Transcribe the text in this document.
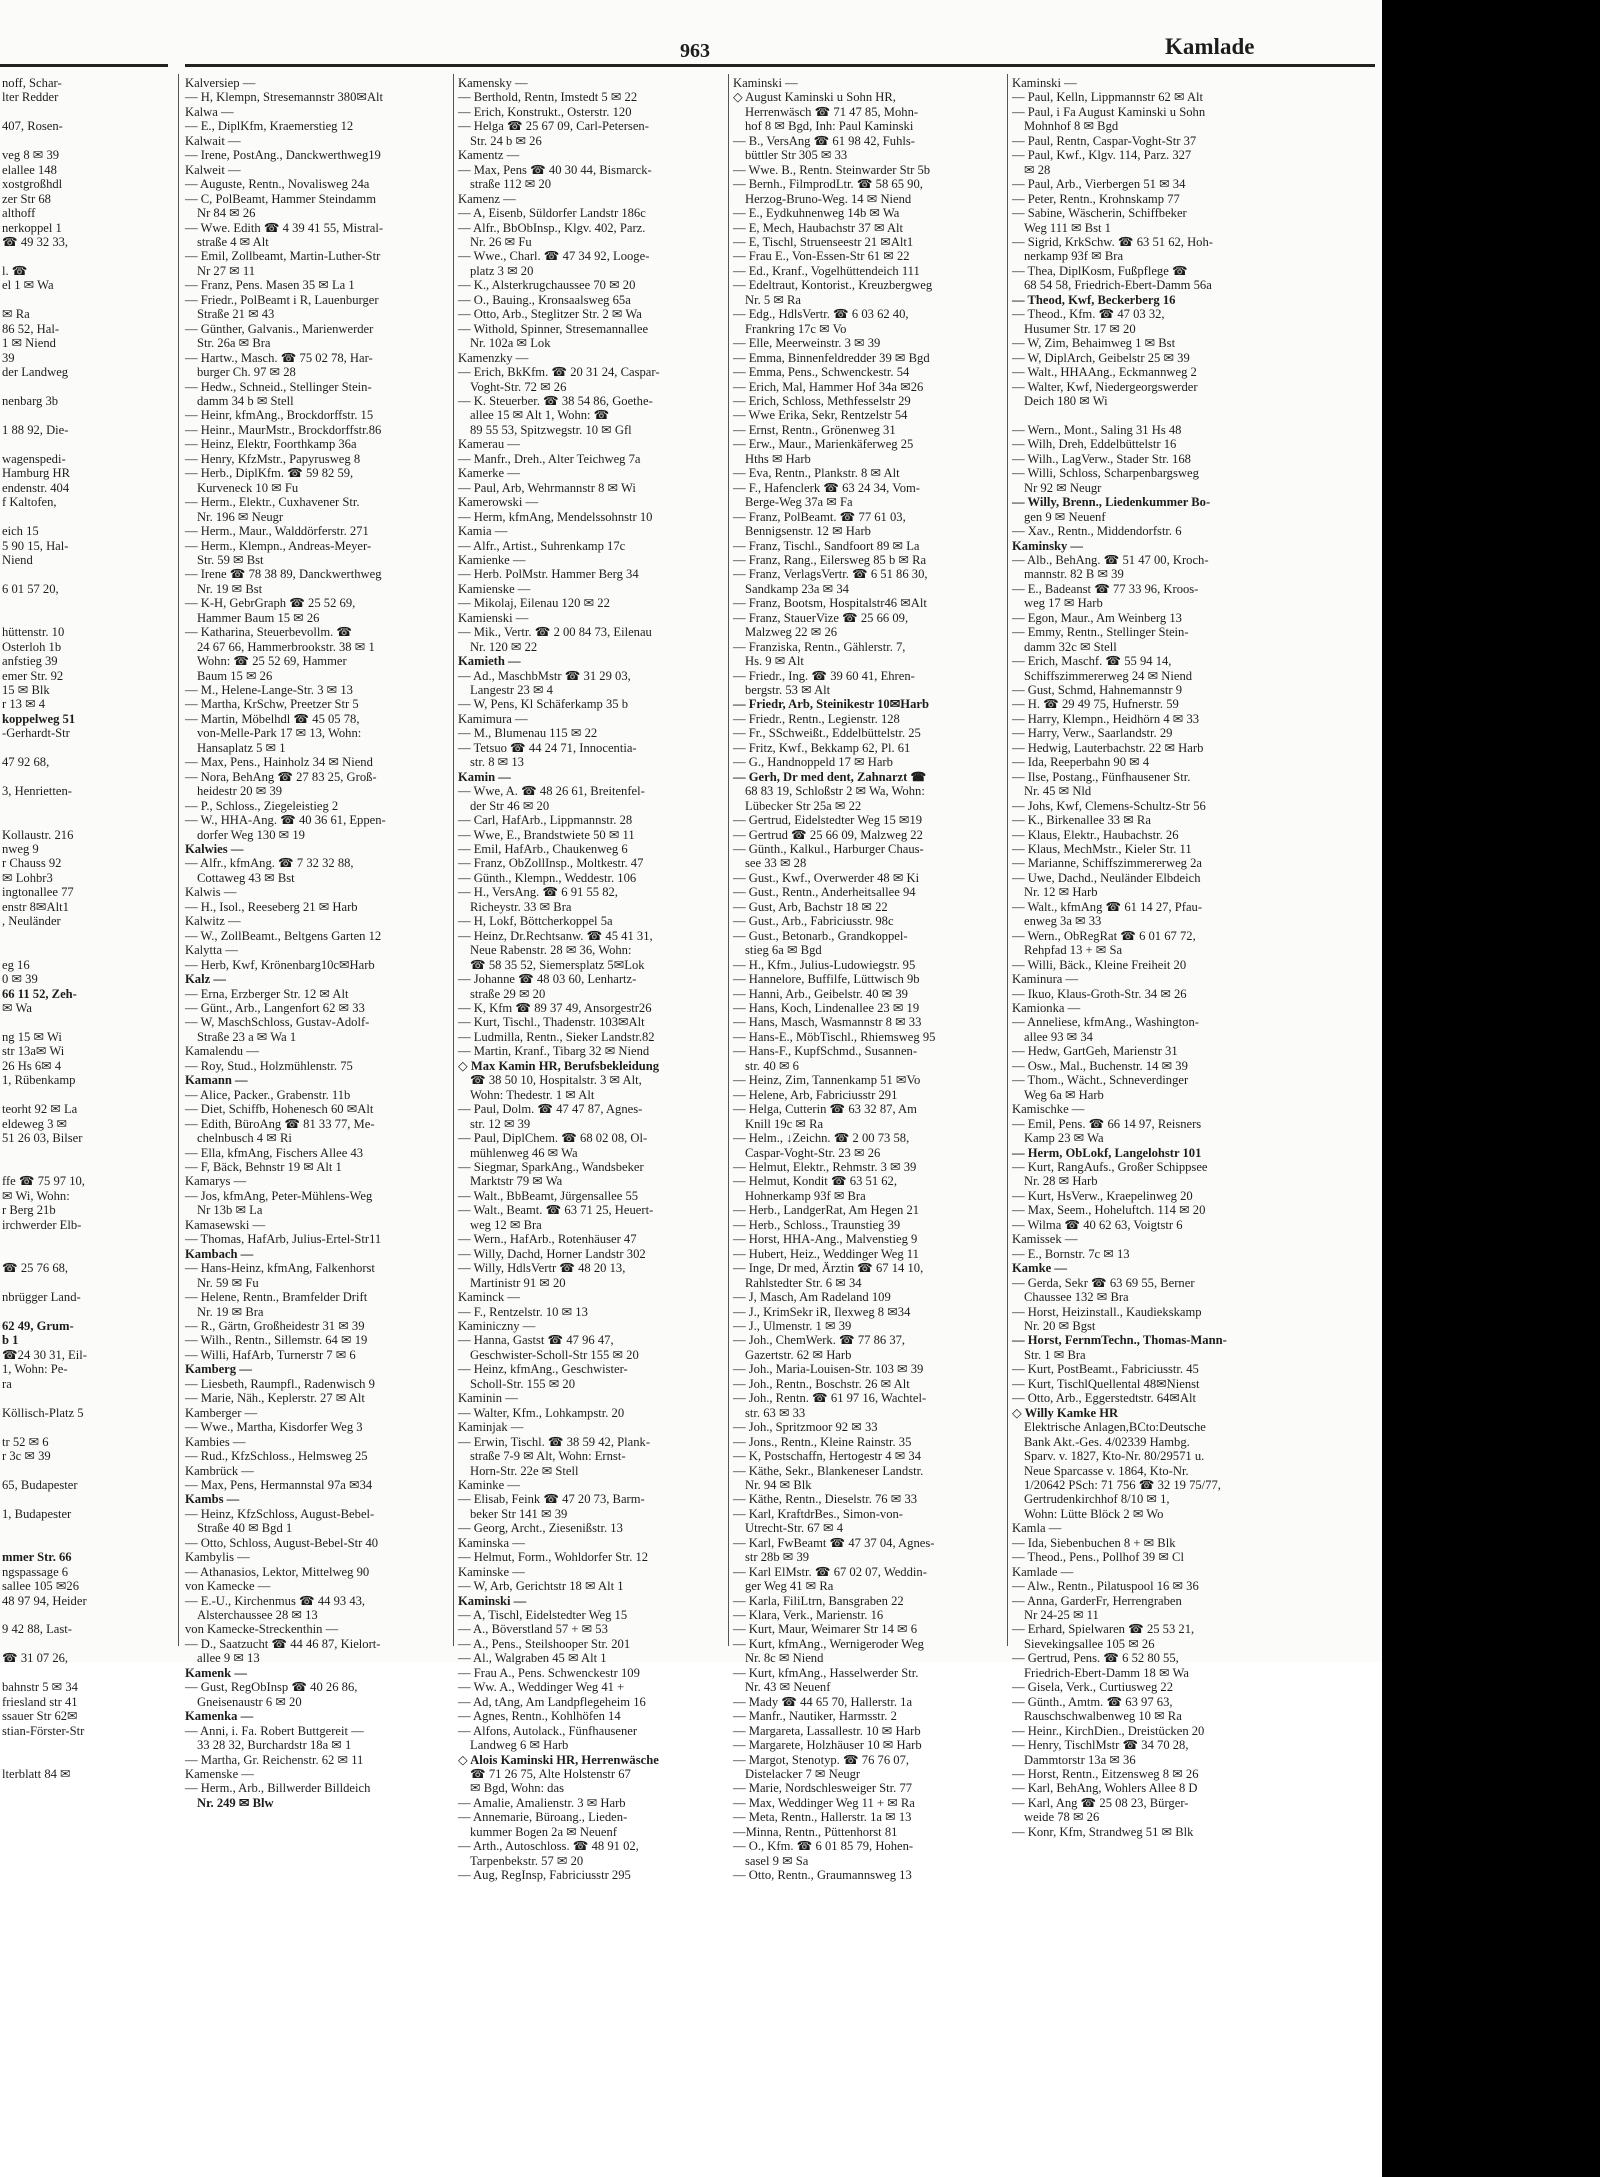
963	Kamlade
noff, Schar-
lter Redder

407, Rosen-

veg 8 ✉ 39
elallee 148
xostgroßhdl
zer Str 68
althoff
nerkoppel 1
☎ 49 32 33,

l. ☎
el 1 ✉ Wa

✉ Ra
86 52, Hal-
1 ✉ Niend
39
der Landweg

nenbarg 3b

1 88 92, Die-

wagenspedi-
Hamburg HR
endenstr. 404
f Kaltofen,

eich 15
5 90 15, Hal-
Niend

6 01 57 20,

hüttenstr. 10
Osterloh 1b
anfstieg 39
emer Str. 92
15 ✉ Blk
r 13 ✉ 4
koppelweg 51
-Gerhardt-Str

47 92 68,

3, Henrietten-

Kollaustr. 216
nweg 9
r Chauss 92
✉ Lohbr3
ingtonallee 77
enstr 8✉Alt1
, Neuländer

eg 16
0 ✉ 39
66 11 52, Zeh-
✉ Wa

ng 15 ✉ Wi
str 13a✉ Wi
26 Hs 6✉ 4
1, Rübenkamp

teorht 92 ✉ La
eldeweg 3 ✉
51 26 03, Bilser

ffe ☎ 75 97 10,
✉ Wi, Wohn:
r Berg 21b
irchwerder Elb-

☎ 25 76 68,

nbrügger Land-

62 49, Grum-
b 1
☎24 30 31, Eil-
1, Wohn: Pe-
ra

Köllisch-Platz 5

tr 52 ✉ 6
r 3c ✉ 39

65, Budapester

1, Budapester

mmer Str. 66
ngspassage 6
sallee 105 ✉26
48 97 94, Heider

9 42 88, Last-

☎ 31 07 26,

bahnstr 5 ✉ 34
friesland str 41
ssauer Str 62✉
stian-Förster-Str

lterblatt 84 ✉
Kalversiep —
— H, Klempn, Stresemannstr 380✉Alt
Kalwa —
— E., DiplKfm, Kraemerstieg 12
Kalwait —
— Irene, PostAng., Danckwerthweg19
Kalweit —
— Auguste, Rentn., Novalisweg 24a
— C, PolBeamt, Hammer Steindamm
Nr 84 ✉ 26
— Wwe. Edith ☎ 4 39 41 55, Mistral-
straße 4 ✉ Alt
— Emil, Zollbeamt, Martin-Luther-Str
Nr 27 ✉ 11
— Franz, Pens. Masen 35 ✉ La 1
— Friedr., PolBeamt i R, Lauenburger
Straße 21 ✉ 43
— Günther, Galvanis., Marienwerder
Str. 26a ✉ Bra
— Hartw., Masch. ☎ 75 02 78, Har-
burger Ch. 97 ✉ 28
— Hedw., Schneid., Stellinger Stein-
damm 34 b ✉ Stell
— Heinr, kfmAng., Brockdorffstr. 15
— Heinr., MaurMstr., Brockdorffstr.86
— Heinz, Elektr, Foorthkamp 36a
— Henry, KfzMstr., Papyrusweg 8
— Herb., DiplKfm. ☎ 59 82 59,
Kurveneck 10 ✉ Fu
— Herm., Elektr., Cuxhavener Str.
Nr. 196 ✉ Neugr
— Herm., Maur., Walddörferstr. 271
— Herm., Klempn., Andreas-Meyer-
Str. 59 ✉ Bst
— Irene ☎ 78 38 89, Danckwerthweg
Nr. 19 ✉ Bst
— K-H, GebrGraph ☎ 25 52 69,
Hammer Baum 15 ✉ 26
— Katharina, Steuerbevollm. ☎
24 67 66, Hammerbrookstr. 38 ✉ 1
Wohn: ☎ 25 52 69, Hammer
Baum 15 ✉ 26
— M., Helene-Lange-Str. 3 ✉ 13
— Martha, KrSchw, Preetzer Str 5
— Martin, Möbelhdl ☎ 45 05 78,
von-Melle-Park 17 ✉ 13, Wohn:
Hansaplatz 5 ✉ 1
— Max, Pens., Hainholz 34 ✉ Niend
— Nora, BehAng ☎ 27 83 25, Groß-
heidestr 20 ✉ 39
— P., Schloss., Ziegeleistieg 2
— W., HHA-Ang. ☎ 40 36 61, Eppen-
dorfer Weg 130 ✉ 19
Kalwies —
— Alfr., kfmAng. ☎ 7 32 32 88,
Cottaweg 43 ✉ Bst
Kalwis —
— H., Isol., Reeseberg 21 ✉ Harb
Kalwitz —
— W., ZollBeamt., Beltgens Garten 12
Kalytta —
— Herb, Kwf, Krönenbarg10c✉Harb
Kalz —
— Erna, Erzberger Str. 12 ✉ Alt
— Günt., Arb., Langenfort 62 ✉ 33
— W, MaschSchloss, Gustav-Adolf-
Straße 23 a ✉ Wa 1
Kamalendu —
— Roy, Stud., Holzmühlenstr. 75
Kamann —
— Alice, Packer., Grabenstr. 11b
— Diet, Schiffb, Hohenesch 60 ✉Alt
— Edith, BüroAng ☎ 81 33 77, Me-
chelnbusch 4 ✉ Ri
— Ella, kfmAng, Fischers Allee 43
— F, Bäck, Behnstr 19 ✉ Alt 1
Kamarys —
— Jos, kfmAng, Peter-Mühlens-Weg
Nr 13b ✉ La
Kamasewski —
— Thomas, HafArb, Julius-Ertel-Str11
Kambach —
— Hans-Heinz, kfmAng, Falkenhorst
Nr. 59 ✉ Fu
— Helene, Rentn., Bramfelder Drift
Nr. 19 ✉ Bra
— R., Gärtn, Großheidestr 31 ✉ 39
— Wilh., Rentn., Sillemstr. 64 ✉ 19
— Willi, HafArb, Turnerstr 7 ✉ 6
Kamberg —
— Liesbeth, Raumpfl., Radenwisch 9
— Marie, Näh., Keplerstr. 27 ✉ Alt
Kamberger —
— Wwe., Martha, Kisdorfer Weg 3
Kambies —
— Rud., KfzSchloss., Helmsweg 25
Kambrück —
— Max, Pens, Hermannstal 97a ✉34
Kambs —
— Heinz, KfzSchloss, August-Bebel-
Straße 40 ✉ Bgd 1
— Otto, Schloss, August-Bebel-Str 40
Kambylis —
— Athanasios, Lektor, Mittelweg 90
von Kamecke —
— E.-U., Kirchenmus ☎ 44 93 43,
Alsterchaussee 28 ✉ 13
von Kamecke-Streckenthin —
— D., Saatzucht ☎ 44 46 87, Kielort-
allee 9 ✉ 13
Kamenk —
— Gust, RegObInsp ☎ 40 26 86,
Gneisenaustr 6 ✉ 20
Kamenka —
— Anni, i. Fa. Robert Buttgereit —
33 28 32, Burchardstr 18a ✉ 1
— Martha, Gr. Reichenstr. 62 ✉ 11
Kamenske —
— Herm., Arb., Billwerder Billdeich
Nr. 249 ✉ Blw
Kamensky —
— Berthold, Rentn, Imstedt 5 ✉ 22
— Erich, Konstrukt., Osterstr. 120
— Helga ☎ 25 67 09, Carl-Petersen-
Str. 24 b ✉ 26
Kamentz —
— Max, Pens ☎ 40 30 44, Bismarck-
straße 112 ✉ 20
Kamenz —
— A, Eisenb, Süldorfer Landstr 186c
— Alfr., BbObInsp., Klgv. 402, Parz.
Nr. 26 ✉ Fu
— Wwe., Charl. ☎ 47 34 92, Looge-
platz 3 ✉ 20
— K., Alsterkrugchaussee 70 ✉ 20
— O., Bauing., Kronsaalsweg 65a
— Otto, Arb., Steglitzer Str. 2 ✉ Wa
— Withold, Spinner, Stresemannallee
Nr. 102a ✉ Lok
Kamenzky —
— Erich, BkKfm. ☎ 20 31 24, Caspar-
Voght-Str. 72 ✉ 26
— K. Steuerber. ☎ 38 54 86, Goethe-
allee 15 ✉ Alt 1, Wohn: ☎
89 55 53, Spitzwegstr. 10 ✉ Gfl
Kamerau —
— Manfr., Dreh., Alter Teichweg 7a
Kamerke —
— Paul, Arb, Wehrmannstr 8 ✉ Wi
Kamerowski —
— Herm, kfmAng, Mendelssohnstr 10
Kamia —
— Alfr., Artist., Suhrenkamp 17c
Kamienke —
— Herb. PolMstr. Hammer Berg 34
Kamienske —
— Mikolaj, Eilenau 120 ✉ 22
Kamienski —
— Mik., Vertr. ☎ 2 00 84 73, Eilenau
Nr. 120 ✉ 22
Kamieth —
— Ad., MaschbMstr ☎ 31 29 03,
Langestr 23 ✉ 4
— W, Pens, Kl Schäferkamp 35 b
Kamimura —
— M., Blumenau 115 ✉ 22
— Tetsuo ☎ 44 24 71, Innocentia-
str. 8 ✉ 13
Kamin —
— Wwe, A. ☎ 48 26 61, Breitenfel-
der Str 46 ✉ 20
— Carl, HafArb., Lippmannstr. 28
— Wwe, E., Brandstwiete 50 ✉ 11
— Emil, HafArb., Chaukenweg 6
— Franz, ObZollInsp., Moltkestr. 47
— Günth., Klempn., Weddestr. 106
— H., VersAng. ☎ 6 91 55 82,
Richeystr. 33 ✉ Bra
— H, Lokf, Böttcherkoppel 5a
— Heinz, Dr.Rechtsanw. ☎ 45 41 31,
Neue Rabenstr. 28 ✉ 36, Wohn:
☎ 58 35 52, Siemersplatz 5✉Lok
— Johanne ☎ 48 03 60, Lenhartz-
straße 29 ✉ 20
— K, Kfm ☎ 89 37 49, Ansorgestr26
— Kurt, Tischl., Thadenstr. 103✉Alt
— Ludmilla, Rentn., Sieker Landstr.82
— Martin, Kranf., Tibarg 32 ✉ Niend
◇ Max Kamin HR, Berufsbekleidung
☎ 38 50 10, Hospitalstr. 3 ✉ Alt,
Wohn: Thedestr. 1 ✉ Alt
— Paul, Dolm. ☎ 47 47 87, Agnes-
str. 12 ✉ 39
— Paul, DiplChem. ☎ 68 02 08, Ol-
mühlenweg 46 ✉ Wa
— Siegmar, SparkAng., Wandsbeker
Marktstr 79 ✉ Wa
— Walt., BbBeamt, Jürgensallee 55
— Walt., Beamt. ☎ 63 71 25, Heuert-
weg 12 ✉ Bra
— Wern., HafArb., Rotenhäuser 47
— Willy, Dachd, Horner Landstr 302
— Willy, HdlsVertr ☎ 48 20 13,
Martinistr 91 ✉ 20
Kaminck —
— F., Rentzelstr. 10 ✉ 13
Kaminiczny —
— Hanna, Gastst ☎ 47 96 47,
Geschwister-Scholl-Str 155 ✉ 20
— Heinz, kfmAng., Geschwister-
Scholl-Str. 155 ✉ 20
Kaminin —
— Walter, Kfm., Lohkampstr. 20
Kaminjak —
— Erwin, Tischl. ☎ 38 59 42, Plank-
straße 7-9 ✉ Alt, Wohn: Ernst-
Horn-Str. 22e ✉ Stell
Kaminke —
— Elisab, Feink ☎ 47 20 73, Barm-
beker Str 141 ✉ 39
— Georg, Archt., Ziesenißstr. 13
Kaminska —
— Helmut, Form., Wohldorfer Str. 12
Kaminske —
— W, Arb, Gerichtstr 18 ✉ Alt 1
Kaminski —
— A, Tischl, Eidelstedter Weg 15
— A., Böverstland 57 + ✉ 53
— A., Pens., Steilshooper Str. 201
— Al., Walgraben 45 ✉ Alt 1
— Frau A., Pens. Schwenckestr 109
— Ww. A., Weddinger Weg 41 +
— Ad, tAng, Am Landpflegeheim 16
— Agnes, Rentn., Kohlhöfen 14
— Alfons, Autolack., Fünfhausener
Landweg 6 ✉ Harb
◇ Alois Kaminski HR, Herrenwäsche
☎ 71 26 75, Alte Holstenstr 67
✉ Bgd, Wohn: das
— Amalie, Amalienstr. 3 ✉ Harb
— Annemarie, Büroang., Lieden-
kummer Bogen 2a ✉ Neuenf
— Arth., Autoschloss. ☎ 48 91 02,
Tarpenbekstr. 57 ✉ 20
— Aug, RegInsp, Fabriciusstr 295
Kaminski —
◇ August Kaminski u Sohn HR,
Herrenwäsch ☎ 71 47 85, Mohn-
hof 8 ✉ Bgd, Inh: Paul Kaminski
— B., VersAng ☎ 61 98 42, Fuhls-
büttler Str 305 ✉ 33
— Wwe. B., Rentn. Steinwarder Str 5b
— Bernh., FilmprodLtr. ☎ 58 65 90,
Herzog-Bruno-Weg. 14 ✉ Niend
— E., Eydkuhnenweg 14b ✉ Wa
— E, Mech, Haubachstr 37 ✉ Alt
— E, Tischl, Struenseestr 21 ✉Alt1
— Frau E., Von-Essen-Str 61 ✉ 22
— Ed., Kranf., Vogelhüttendeich 111
— Edeltraut, Kontorist., Kreuzbergweg
Nr. 5 ✉ Ra
— Edg., HdlsVertr. ☎ 6 03 62 40,
Frankring 17c ✉ Vo
— Elle, Meerweinstr. 3 ✉ 39
— Emma, Binnenfeldredder 39 ✉ Bgd
— Emma, Pens., Schwenckestr. 54
— Erich, Mal, Hammer Hof 34a ✉26
— Erich, Schloss, Methfesselstr 29
— Wwe Erika, Sekr, Rentzelstr 54
— Ernst, Rentn., Grönenweg 31
— Erw., Maur., Marienkäferweg 25
Hths ✉ Harb
— Eva, Rentn., Plankstr. 8 ✉ Alt
— F., Hafenclerk ☎ 63 24 34, Vom-
Berge-Weg 37a ✉ Fa
— Franz, PolBeamt. ☎ 77 61 03,
Bennigsenstr. 12 ✉ Harb
— Franz, Tischl., Sandfoort 89 ✉ La
— Franz, Rang., Eilersweg 85 b ✉ Ra
— Franz, VerlagsVertr. ☎ 6 51 86 30,
Sandkamp 23a ✉ 34
— Franz, Bootsm, Hospitalstr46 ✉Alt
— Franz, StauerVize ☎ 25 66 09,
Malzweg 22 ✉ 26
— Franziska, Rentn., Gählerstr. 7,
Hs. 9 ✉ Alt
— Friedr., Ing. ☎ 39 60 41, Ehren-
bergstr. 53 ✉ Alt
— Friedr, Arb, Steinikestr 10✉Harb
— Friedr., Rentn., Legienstr. 128
— Fr., SSchweißt., Eddelbüttelstr. 25
— Fritz, Kwf., Bekkamp 62, Pl. 61
— G., Handnoppeld 17 ✉ Harb
— Gerh, Dr med dent, Zahnarzt ☎
68 83 19, Schloßstr 2 ✉ Wa, Wohn:
Lübecker Str 25a ✉ 22
— Gertrud, Eidelstedter Weg 15 ✉19
— Gertrud ☎ 25 66 09, Malzweg 22
— Günth., Kalkul., Harburger Chaus-
see 33 ✉ 28
— Gust., Kwf., Overwerder 48 ✉ Ki
— Gust., Rentn., Anderheitsallee 94
— Gust, Arb, Bachstr 18 ✉ 22
— Gust., Arb., Fabriciusstr. 98c
— Gust., Betonarb., Grandkoppel-
stieg 6a ✉ Bgd
— H., Kfm., Julius-Ludowiegstr. 95
— Hannelore, Buffilfe, Lüttwisch 9b
— Hanni, Arb., Geibelstr. 40 ✉ 39
— Hans, Koch, Lindenallee 23 ✉ 19
— Hans, Masch, Wasmannstr 8 ✉ 33
— Hans-E., MöbTischl., Rhiemsweg 95
— Hans-F., KupfSchmd., Susannen-
str. 40 ✉ 6
— Heinz, Zim, Tannenkamp 51 ✉Vo
— Helene, Arb, Fabriciusstr 291
— Helga, Cutterin ☎ 63 32 87, Am
Knill 19c ✉ Ra
— Helm., ↓Zeichn. ☎ 2 00 73 58,
Caspar-Voght-Str. 23 ✉ 26
— Helmut, Elektr., Rehmstr. 3 ✉ 39
— Helmut, Kondit ☎ 63 51 62,
Hohnerkamp 93f ✉ Bra
— Herb., LandgerRat, Am Hegen 21
— Herb., Schloss., Traunstieg 39
— Horst, HHA-Ang., Malvenstieg 9
— Hubert, Heiz., Weddinger Weg 11
— Inge, Dr med, Ärztin ☎ 67 14 10,
Rahlstedter Str. 6 ✉ 34
— J, Masch, Am Radeland 109
— J., KrimSekr iR, Ilexweg 8 ✉34
— J., Ulmenstr. 1 ✉ 39
— Joh., ChemWerk. ☎ 77 86 37,
Gazertstr. 62 ✉ Harb
— Joh., Maria-Louisen-Str. 103 ✉ 39
— Joh., Rentn., Boschstr. 26 ✉ Alt
— Joh., Rentn. ☎ 61 97 16, Wachtel-
str. 63 ✉ 33
— Joh., Spritzmoor 92 ✉ 33
— Jons., Rentn., Kleine Rainstr. 35
— K, Postschaffn, Hertogestr 4 ✉ 34
— Käthe, Sekr., Blankeneser Landstr.
Nr. 94 ✉ Blk
— Käthe, Rentn., Dieselstr. 76 ✉ 33
— Karl, KraftdrBes., Simon-von-
Utrecht-Str. 67 ✉ 4
— Karl, FwBeamt ☎ 47 37 04, Agnes-
str 28b ✉ 39
— Karl ElMstr. ☎ 67 02 07, Weddin-
ger Weg 41 ✉ Ra
— Karla, FiliLtrn, Bansgraben 22
— Klara, Verk., Marienstr. 16
— Kurt, Maur, Weimarer Str 14 ✉ 6
— Kurt, kfmAng., Wernigeroder Weg
Nr. 8c ✉ Niend
— Kurt, kfmAng., Hasselwerder Str.
Nr. 43 ✉ Neuenf
— Mady ☎ 44 65 70, Hallerstr. 1a
— Manfr., Nautiker, Harmsstr. 2
— Margareta, Lassallestr. 10 ✉ Harb
— Margarete, Holzhäuser 10 ✉ Harb
— Margot, Stenotyp. ☎ 76 76 07,
Distelacker 7 ✉ Neugr
— Marie, Nordschlesweiger Str. 77
— Max, Weddinger Weg 11 + ✉ Ra
— Meta, Rentn., Hallerstr. 1a ✉ 13
—Minna, Rentn., Püttenhorst 81
— O., Kfm. ☎ 6 01 85 79, Hohen-
sasel 9 ✉ Sa
— Otto, Rentn., Graumannsweg 13
Kaminski —
— Paul, Kelln, Lippmannstr 62 ✉ Alt
— Paul, i Fa August Kaminski u Sohn
Mohnhof 8 ✉ Bgd
— Paul, Rentn, Caspar-Voght-Str 37
— Paul, Kwf., Klgv. 114, Parz. 327
✉ 28
— Paul, Arb., Vierbergen 51 ✉ 34
— Peter, Rentn., Krohnskamp 77
— Sabine, Wäscherin, Schiffbeker
Weg 111 ✉ Bst 1
— Sigrid, KrkSchw. ☎ 63 51 62, Hoh-
nerkamp 93f ✉ Bra
— Thea, DiplKosm, Fußpflege ☎
68 54 58, Friedrich-Ebert-Damm 56a
— Theod, Kwf, Beckerberg 16
— Theod., Kfm. ☎ 47 03 32,
Husumer Str. 17 ✉ 20
— W, Zim, Behaimweg 1 ✉ Bst
— W, DiplArch, Geibelstr 25 ✉ 39
— Walt., HHAAng., Eckmannweg 2
— Walter, Kwf, Niedergeorgswerder
Deich 180 ✉ Wi

— Wern., Mont., Saling 31 Hs 48
— Wilh, Dreh, Eddelbüttelstr 16
— Wilh., LagVerw., Stader Str. 168
— Willi, Schloss, Scharpenbargsweg
Nr 92 ✉ Neugr
— Willy, Brenn., Liedenkummer Bo-
gen 9 ✉ Neuenf
— Xav., Rentn., Middendorfstr. 6
Kaminsky —
— Alb., BehAng. ☎ 51 47 00, Kroch-
mannstr. 82 B ✉ 39
— E., Badeanst ☎ 77 33 96, Kroos-
weg 17 ✉ Harb
— Egon, Maur., Am Weinberg 13
— Emmy, Rentn., Stellinger Stein-
damm 32c ✉ Stell
— Erich, Maschf. ☎ 55 94 14,
Schiffszimmererweg 24 ✉ Niend
— Gust, Schmd, Hahnemannstr 9
— H. ☎ 29 49 75, Hufnerstr. 59
— Harry, Klempn., Heidhörn 4 ✉ 33
— Harry, Verw., Saarlandstr. 29
— Hedwig, Lauterbachstr. 22 ✉ Harb
— Ida, Reeperbahn 90 ✉ 4
— Ilse, Postang., Fünfhausener Str.
Nr. 45 ✉ Nld
— Johs, Kwf, Clemens-Schultz-Str 56
— K., Birkenallee 33 ✉ Ra
— Klaus, Elektr., Haubachstr. 26
— Klaus, MechMstr., Kieler Str. 11
— Marianne, Schiffszimmererweg 2a
— Uwe, Dachd., Neuländer Elbdeich
Nr. 12 ✉ Harb
— Walt., kfmAng ☎ 61 14 27, Pfau-
enweg 3a ✉ 33
— Wern., ObRegRat ☎ 6 01 67 72,
Rehpfad 13 + ✉ Sa
— Willi, Bäck., Kleine Freiheit 20
Kaminura —
— Ikuo, Klaus-Groth-Str. 34 ✉ 26
Kamionka —
— Anneliese, kfmAng., Washington-
allee 93 ✉ 34
— Hedw, GartGeh, Marienstr 31
— Osw., Mal., Buchenstr. 14 ✉ 39
— Thom., Wächt., Schneverdinger
Weg 6a ✉ Harb
Kamischke —
— Emil, Pens. ☎ 66 14 97, Reisners
Kamp 23 ✉ Wa
— Herm, ObLokf, Langelohstr 101
— Kurt, RangAufs., Großer Schippsee
Nr. 28 ✉ Harb
— Kurt, HsVerw., Kraepelinweg 20
— Max, Seem., Hoheluftch. 114 ✉ 20
— Wilma ☎ 40 62 63, Voigtstr 6
Kamissek —
— E., Bornstr. 7c ✉ 13
Kamke —
— Gerda, Sekr ☎ 63 69 55, Berner
Chaussee 132 ✉ Bra
— Horst, Heizinstall., Kaudiekskamp
Nr. 20 ✉ Bgst
— Horst, FernmTechn., Thomas-Mann-
Str. 1 ✉ Bra
— Kurt, PostBeamt., Fabriciusstr. 45
— Kurt, TischlQuellental 48✉Nienst
— Otto, Arb., Eggerstedtstr. 64✉Alt
◇ Willy Kamke HR
Elektrische Anlagen,BCto:Deutsche
Bank Akt.-Ges. 4/02339 Hambg.
Sparv. v. 1827, Kto-Nr. 80/29571 u.
Neue Sparcasse v. 1864, Kto-Nr.
1/20642 PSch: 71 756 ☎ 32 19 75/77,
Gertrudenkirchhof 8/10 ✉ 1,
Wohn: Lütte Blöck 2 ✉ Wo
Kamla —
— Ida, Siebenbuchen 8 + ✉ Blk
— Theod., Pens., Pollhof 39 ✉ Cl
Kamlade —
— Alw., Rentn., Pilatuspool 16 ✉ 36
— Anna, GarderFr, Herrengraben
Nr 24-25 ✉ 11
— Erhard, Spielwaren ☎ 25 53 21,
Sievekingsallee 105 ✉ 26
— Gertrud, Pens. ☎ 6 52 80 55,
Friedrich-Ebert-Damm 18 ✉ Wa
— Gisela, Verk., Curtiusweg 22
— Günth., Amtm. ☎ 63 97 63,
Rauschschwalbenweg 10 ✉ Ra
— Heinr., KirchDien., Dreistücken 20
— Henry, TischlMstr ☎ 34 70 28,
Dammtorstr 13a ✉ 36
— Horst, Rentn., Eitzensweg 8 ✉ 26
— Karl, BehAng, Wohlers Allee 8 D
— Karl, Ang ☎ 25 08 23, Bürger-
weide 78 ✉ 26
— Konr, Kfm, Strandweg 51 ✉ Blk
